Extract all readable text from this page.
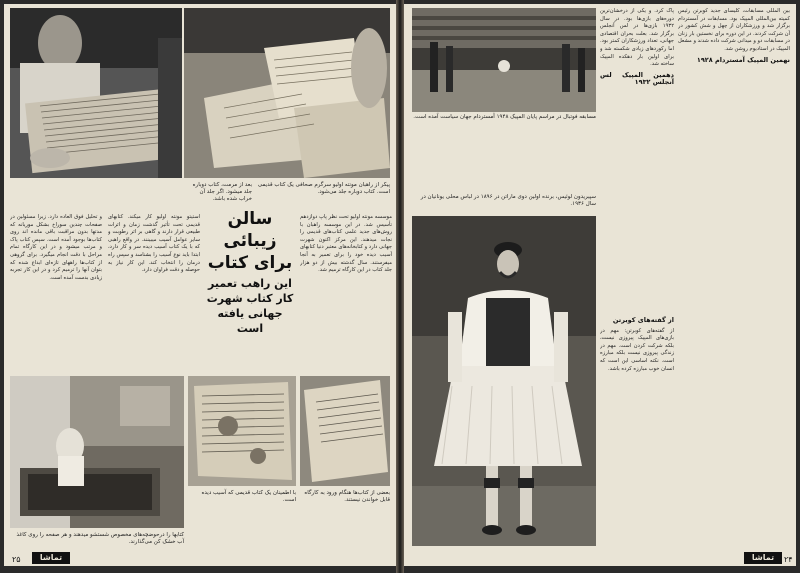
پیکر از راهبان مونته اولیو سرگرم صحافی یک کتاب قدیمی است. کتاب دوباره جلد می‌شود.
بعد از مرمت، کتاب دوباره جلد میشود. اگر جلد آن خراب شده باشد.
و تحلیل فوق العاده دارد. زیرا مسئولین در صفحات چندین سوراخ بشکل موریانه که مدتها بدون مراقبت باقی مانده اند روی کتاب‌ها بوجود آمده است. سپس کتاب پاک و مرتب میشود و در این کارگاه تمام مراحل با دقت انجام میگیرد. برای گروهی از کتاب‌ها راههای تازه‌ای ابداع شده که بتوان آنها را ترمیم کرد و در این کار تجربه زیادی بدست آمده است.
استیتو مونته اولیو کار میکند. کتابهای قدیمی تحت تأثیر گذشت زمان و اثرات طبیعی قرار دارند و گاهی بر اثر رطوبت و سایر عوامل آسیب میبینند. در واقع راهبی که با یک کتاب آسیب دیده سر و کار دارد، ابتدا باید نوع آسیب را بشناسد و سپس راه درمان را انتخاب کند. این کار نیاز به حوصله و دقت فراوان دارد.
سالن زیبائی برای کتاب
این راهب تعمیر کار کتاب شهرت جهانی یافته است
موسسه مونته اولیو تحت نظر پاپ دوازدهم تأسیس شد. در این موسسه راهبان با روش‌های جدید علمی کتاب‌های قدیمی را نجات میدهند. این مرکز اکنون شهرت جهانی دارد و کتابخانه‌های معتبر دنیا کتابهای آسیب دیده خود را برای تعمیر به آنجا میفرستند. سال گذشته بیش از دو هزار جلد کتاب در این کارگاه ترمیم شد.
با اطمینان یک کتاب قدیمی که آسیب دیده است.
بعضی از کتاب‌ها هنگام ورود به کارگاه قابل خواندن نیستند.
کتابها را درحوضچه‌های مخصوص شستشو میدهند و هر صفحه را روی کاغذ آب خشک کن می‌گذارند.
۲۵	تماشا
مسابقه فوتبال در مراسم پایان المپیک ۱۹۴۸ آمستردام جهان سیاست آمده است.
پاک کرد. و یکی از درخشان‌ترین دوره‌های بازی‌ها بود. در سال ۱۹۳۲ بازی‌ها در لس آنجلس برگزار شد. بعلت بحران اقتصادی جهانی، تعداد ورزشکاران کمتر بود. اما رکوردهای زیادی شکسته شد و برای اولین بار دهکده المپیک ساخته شد.
دهمین المپیک لس آنجلس ۱۹۳۲
بین المللی مسابقات، کلیسای جدید کوبرتن رئیس کمیته بین‌المللی المپیک بود. مسابقات در آمستردام برگزار شد و ورزشکاران از چهل و شش کشور در آن شرکت کردند. در این دوره برای نخستین بار زنان در مسابقات دو و میدانی شرکت داده شدند و مشعل المپیک در استادیوم روشن شد.
نهمین المپیک آمستردام ۱۹۲۸
سپیریدون لوئیس، برنده اولین دوی ماراتن در ۱۸۹۶ در لباس محلی یونانیان در سال ۱۹۳۶.
از گفته‌های کوبرتن
از گفته‌های کوبرتن: مهم در بازی‌های المپیک پیروزی نیست، بلکه شرکت کردن است. مهم در زندگی پیروزی نیست بلکه مبارزه است. نکته اساسی این است که انسان خوب مبارزه کرده باشد.
تماشا	۲۴
